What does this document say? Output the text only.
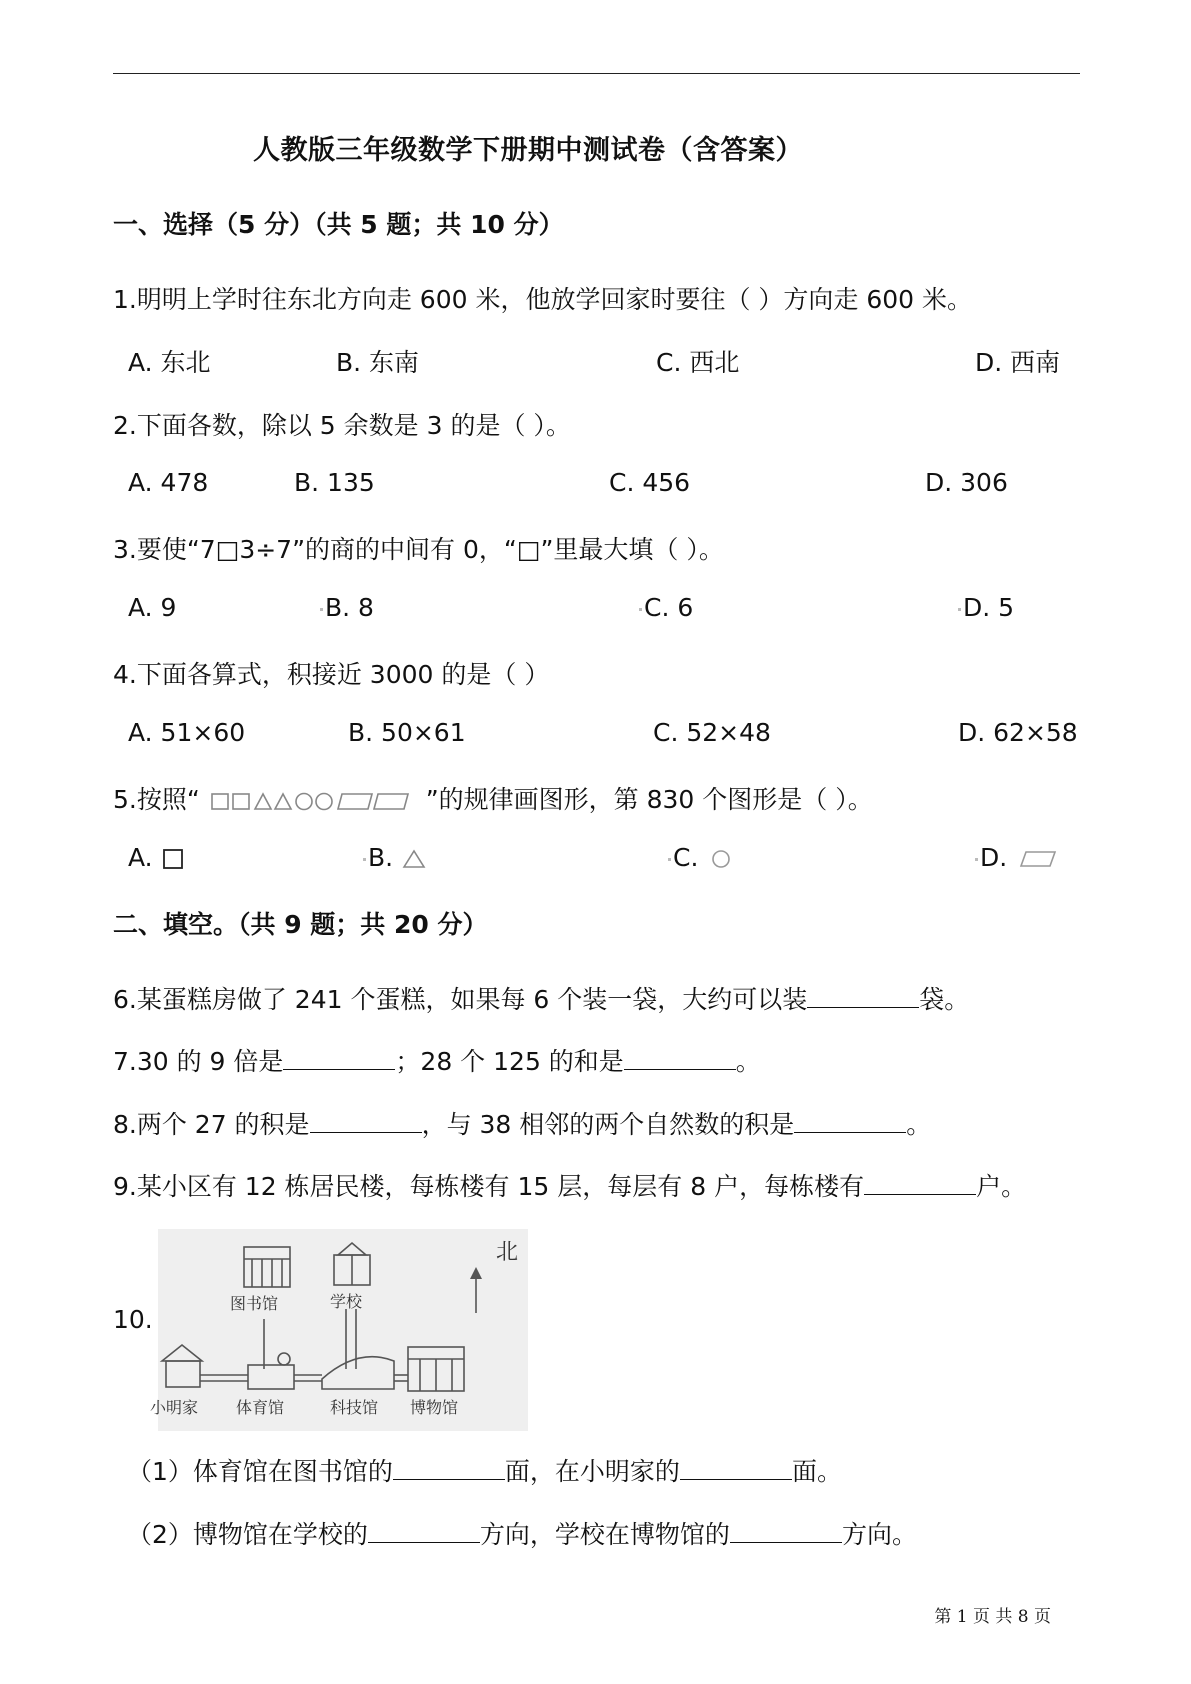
人教版三年级数学下册期中测试卷（含答案）
一、选择（5 分）（共 5 题；共 10 分）
1.明明上学时往东北方向走 600 米，他放学回家时要往（ ）方向走 600 米。
A. 东北	B. 东南	C. 西北	D. 西南
2.下面各数，除以 5 余数是 3 的是（ ）。
A. 478	B. 135	C. 456	D. 306
3.要使“7□3÷7”的商的中间有 0，“□”里最大填（ ）。
A. 9	B. 8	C. 6	D. 5
4.下面各算式，积接近 3000 的是（ ）
A. 51×60	B. 50×61	C. 52×48	D. 62×58
5.按照“	”的规律画图形，第 830 个图形是（ ）。
A.	B.	C.	D.
二、填空。（共 9 题；共 20 分）
6.某蛋糕房做了 241 个蛋糕，如果每 6 个装一袋，大约可以装	袋。
7.30 的 9 倍是	；28 个 125 的和是	。
8.两个 27 的积是	，与 38 相邻的两个自然数的积是	。
9.某小区有 12 栋居民楼，每栋楼有 15 层，每层有 8 户，每栋楼有	户。
10.
北
图书馆	学校
小明家 体育馆	科技馆 博物馆
（1）体育馆在图书馆的	面，在小明家的	面。
（2）博物馆在学校的	方向，学校在博物馆的	方向。
第 1 页 共 8 页
